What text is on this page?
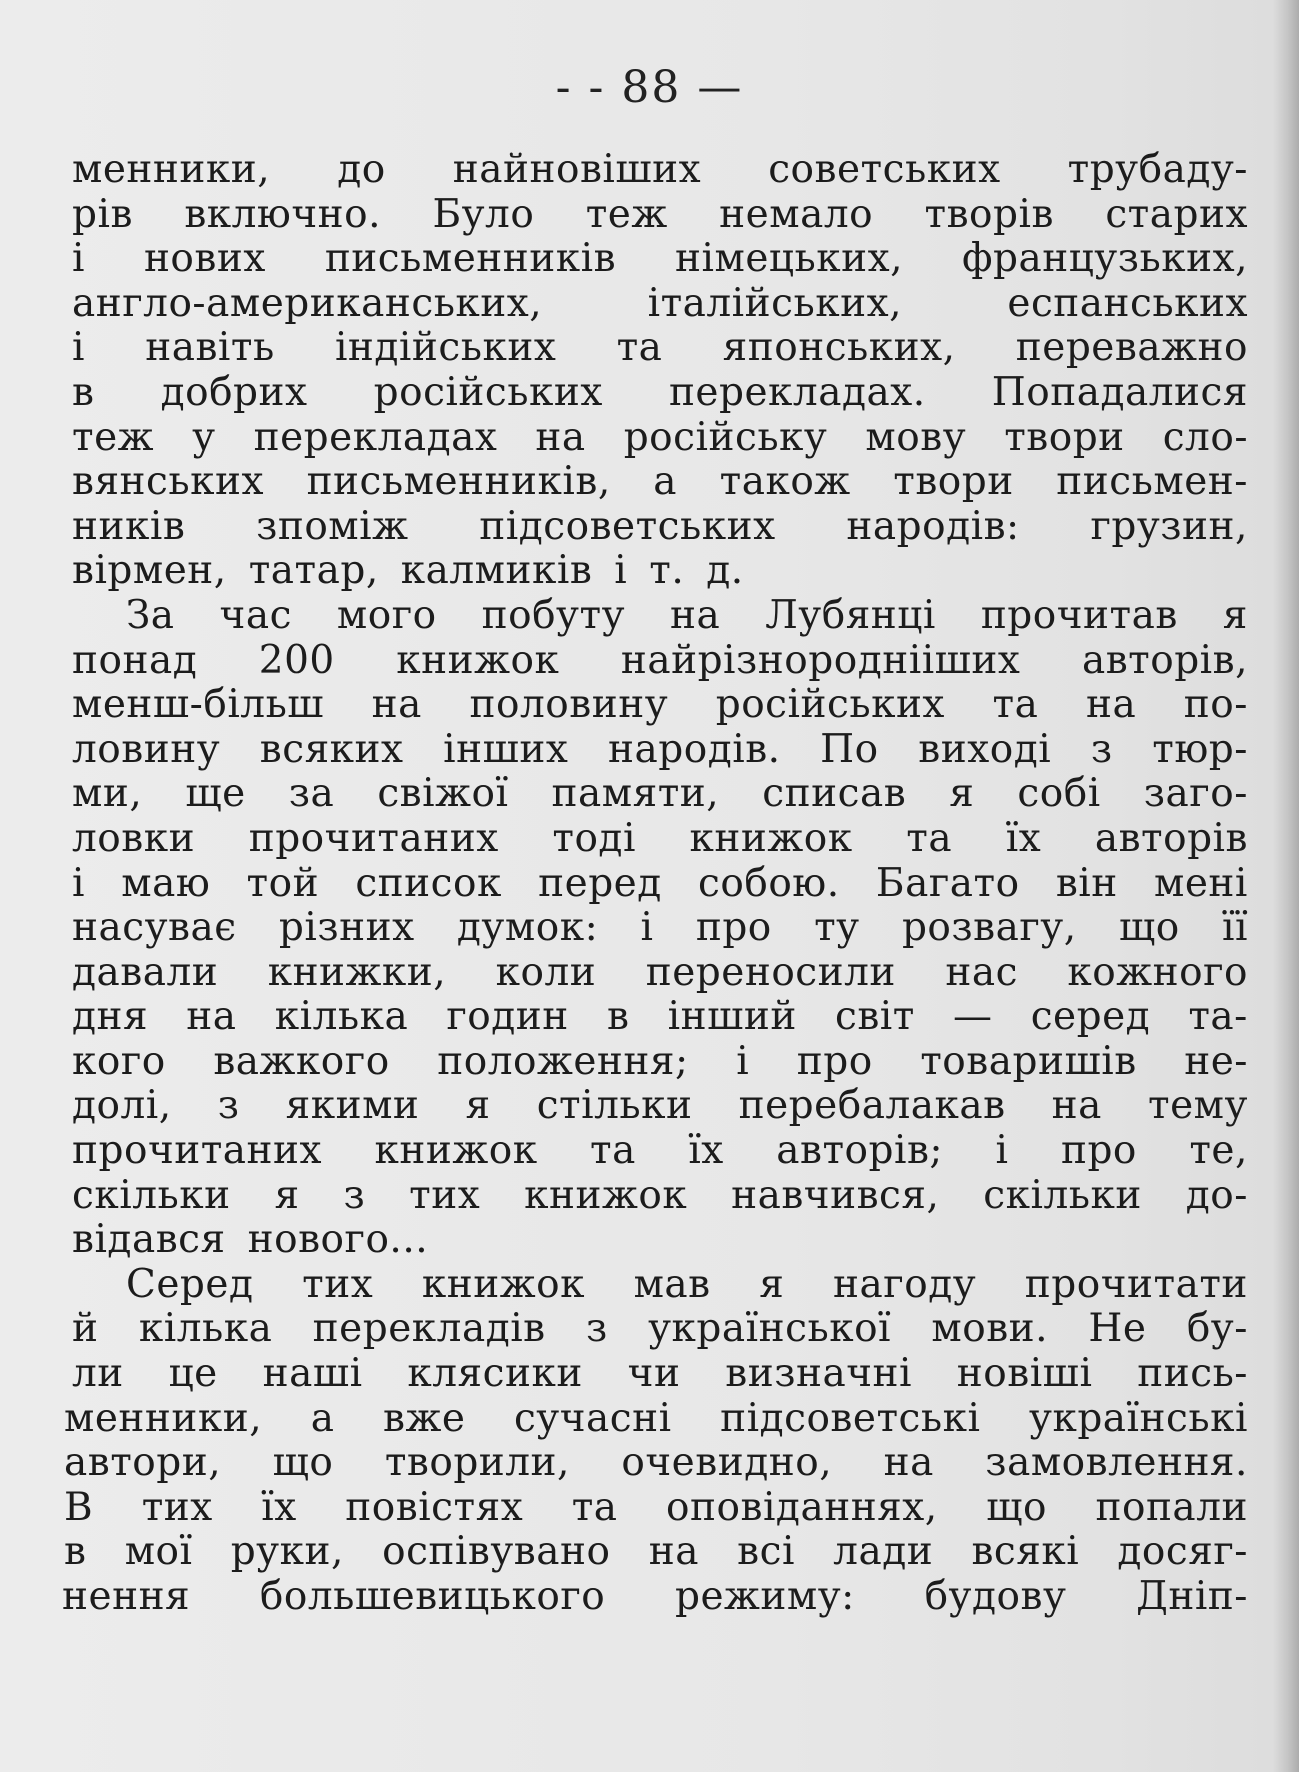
- - 88 —
менники, до найновіших советських трубаду-
рів включно. Було теж немало творів старих
і нових письменників німецьких, французьких,
англо-американських,	італійських,	еспанських
і навіть індійських та японських, переважно
в добрих російських перекладах. Попадалися
теж у перекладах на російську мову твори сло-
вянських письменників, а також твори письмен-
ників зпоміж підсоветських народів: грузин,
вірмен, татар, калмиків і т. д.
За час мого побуту на Лубянці прочитав я
понад 200 книжок найрізнороднііших авторів,
менш-більш на половину російських та на по-
ловину всяких інших народів. По виході з тюр-
ми, ще за свіжої памяти, списав я собі заго-
ловки прочитаних тоді книжок та їх авторів
і маю той список перед собою. Багато він мені
насуває різних думок: і про ту розвагу, що її
давали книжки, коли переносили нас кожного
дня на кілька годин в інший світ — серед та-
кого важкого положення; і про товаришів не-
долі, з якими я стільки перебалакав на тему
прочитаних книжок та їх авторів; і про те,
скільки я з тих книжок навчився, скільки до-
відався нового...
Серед тих книжок мав я нагоду прочитати
й кілька перекладів з української мови. Не бу-
ли це наші клясики чи визначні новіші пись-
менники, а вже сучасні підсоветські українські
автори, що творили, очевидно, на замовлення.
В тих їх повістях та оповіданнях, що попали
в мої руки, оспівувано на всі лади всякі досяг-
нення большевицького режиму: будову Дніп-
